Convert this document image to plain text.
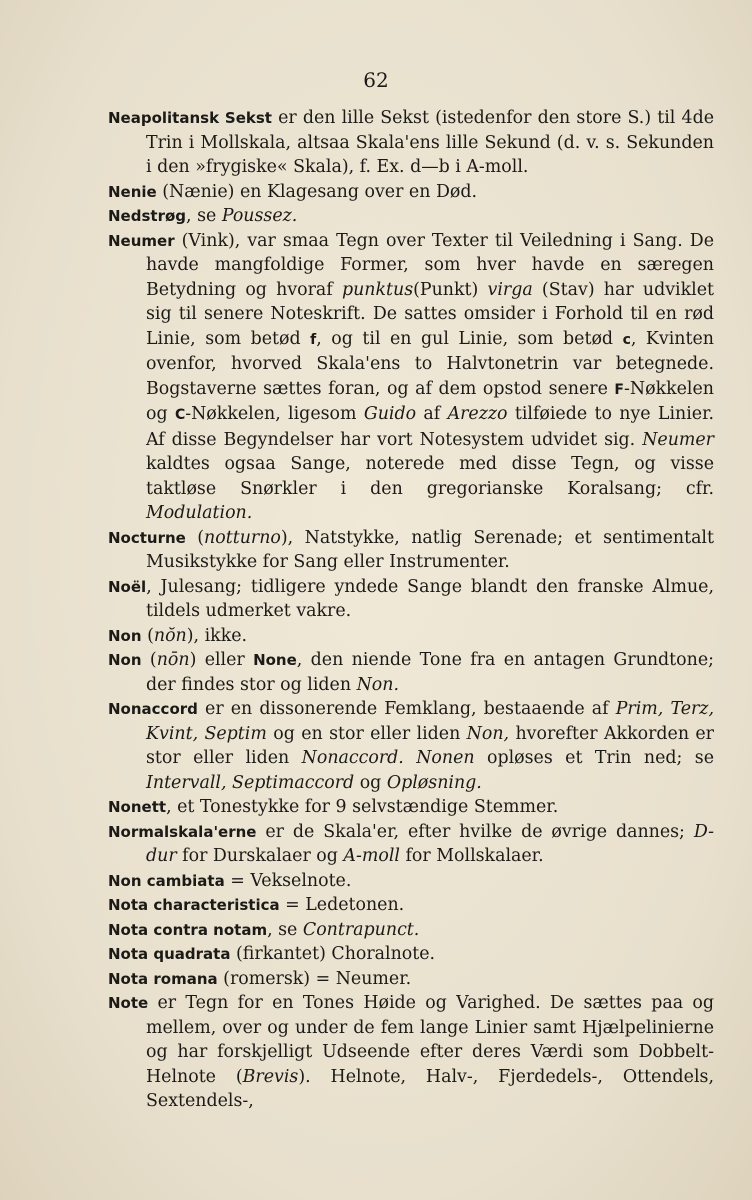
62

Neapolitansk Sekst er den lille Sekst (istedenfor den store S.) til 4de Trin i Mollskala, altsaa Skala'ens lille Sekund (d. v. s. Sekunden i den »frygiske« Skala), f. Ex. d—b i A-moll.

Nenie (Nænie) en Klagesang over en Død.

Nedstrøg, se Poussez.

Neumer (Vink), var smaa Tegn over Texter til Veiledning i Sang. De havde mangfoldige Former, som hver havde en særegen Betydning og hvoraf punktus(Punkt) virga (Stav) har udviklet sig til senere Noteskrift. De sattes omsider i Forhold til en rød Linie, som betød f, og til en gul Linie, som betød c, Kvinten ovenfor, hvorved Skala'ens to Halvtonetrin var betegnede. Bogstaverne sættes foran, og af dem opstod senere F-Nøkkelen og C-Nøkkelen, ligesom Guido af Arezzo tilføiede to nye Linier. Af disse Begyndelser har vort Notesystem udvidet sig. Neumer kaldtes ogsaa Sange, noterede med disse Tegn, og visse taktløse Snørkler i den gregorianske Koralsang; cfr. Modulation.

Nocturne (notturno), Natstykke, natlig Serenade; et sentimentalt Musikstykke for Sang eller Instrumenter.

Noël, Julesang; tidligere yndede Sange blandt den franske Almue, tildels udmerket vakre.

Non (nŏn), ikke.

Non (nōn) eller None, den niende Tone fra en antagen Grundtone; der findes stor og liden Non.

Nonaccord er en dissonerende Femklang, bestaaende af Prim, Terz, Kvint, Septim og en stor eller liden Non, hvorefter Akkorden er stor eller liden Nonaccord. Nonen opløses et Trin ned; se Intervall, Septimaccord og Opløsning.

Nonett, et Tonestykke for 9 selvstændige Stemmer.

Normalskala'erne er de Skala'er, efter hvilke de øvrige dannes; D-dur for Durskalaer og A-moll for Mollskalaer.

Non cambiata = Vekselnote.

Nota characteristica = Ledetonen.

Nota contra notam, se Contrapunct.

Nota quadrata (firkantet) Choralnote.

Nota romana (romersk) = Neumer.

Note er Tegn for en Tones Høide og Varighed. De sættes paa og mellem, over og under de fem lange Linier samt Hjælpelinierne og har forskjelligt Udseende efter deres Værdi som Dobbelt-Helnote (Brevis). Helnote, Halv-, Fjerdedels-, Ottendels, Sextendels-,
